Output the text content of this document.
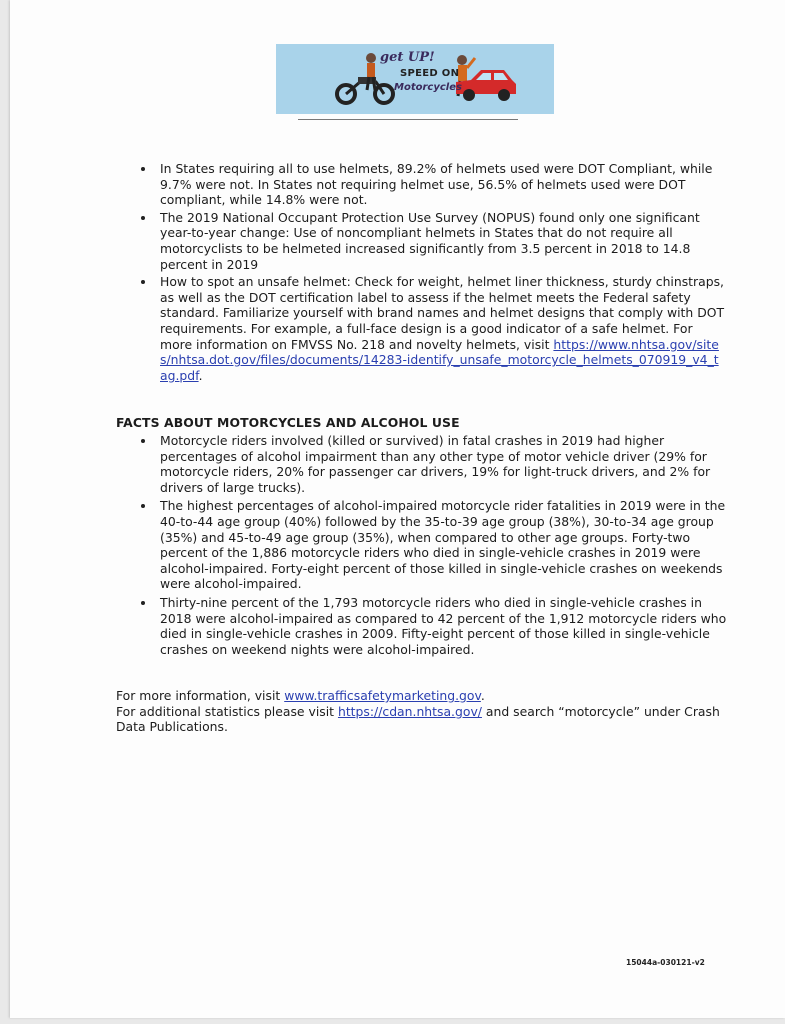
get UP!
SPEED ON
Motorcycles
In States requiring all to use helmets, 89.2% of helmets used were DOT Compliant, while 9.7% were not. In States not requiring helmet use, 56.5% of helmets used were DOT compliant, while 14.8% were not.
The 2019 National Occupant Protection Use Survey (NOPUS) found only one significant year-to-year change: Use of noncompliant helmets in States that do not require all motorcyclists to be helmeted increased significantly from 3.5 percent in 2018 to 14.8 percent in 2019
How to spot an unsafe helmet: Check for weight, helmet liner thickness, sturdy chinstraps, as well as the DOT certification label to assess if the helmet meets the Federal safety standard. Familiarize yourself with brand names and helmet designs that comply with DOT requirements. For example, a full-face design is a good indicator of a safe helmet. For more information on FMVSS No. 218 and novelty helmets, visit https://www.nhtsa.gov/sites/nhtsa.dot.gov/files/documents/14283-identify_unsafe_motorcycle_helmets_070919_v4_tag.pdf.
FACTS ABOUT MOTORCYCLES AND ALCOHOL USE
Motorcycle riders involved (killed or survived) in fatal crashes in 2019 had higher percentages of alcohol impairment than any other type of motor vehicle driver (29% for motorcycle riders, 20% for passenger car drivers, 19% for light-truck drivers, and 2% for drivers of large trucks).
The highest percentages of alcohol-impaired motorcycle rider fatalities in 2019 were in the 40-to-44 age group (40%) followed by the 35-to-39 age group (38%), 30-to-34 age group (35%) and 45-to-49 age group (35%), when compared to other age groups. Forty-two percent of the 1,886 motorcycle riders who died in single-vehicle crashes in 2019 were alcohol-impaired. Forty-eight percent of those killed in single-vehicle crashes on weekends were alcohol-impaired.
Thirty-nine percent of the 1,793 motorcycle riders who died in single-vehicle crashes in 2018 were alcohol-impaired as compared to 42 percent of the 1,912 motorcycle riders who died in single-vehicle crashes in 2009. Fifty-eight percent of those killed in single-vehicle crashes on weekend nights were alcohol-impaired.

For more information, visit www.trafficsafetymarketing.gov.

For additional statistics please visit https://cdan.nhtsa.gov/ and search “motorcycle” under Crash Data Publications.

15044a-030121-v2
